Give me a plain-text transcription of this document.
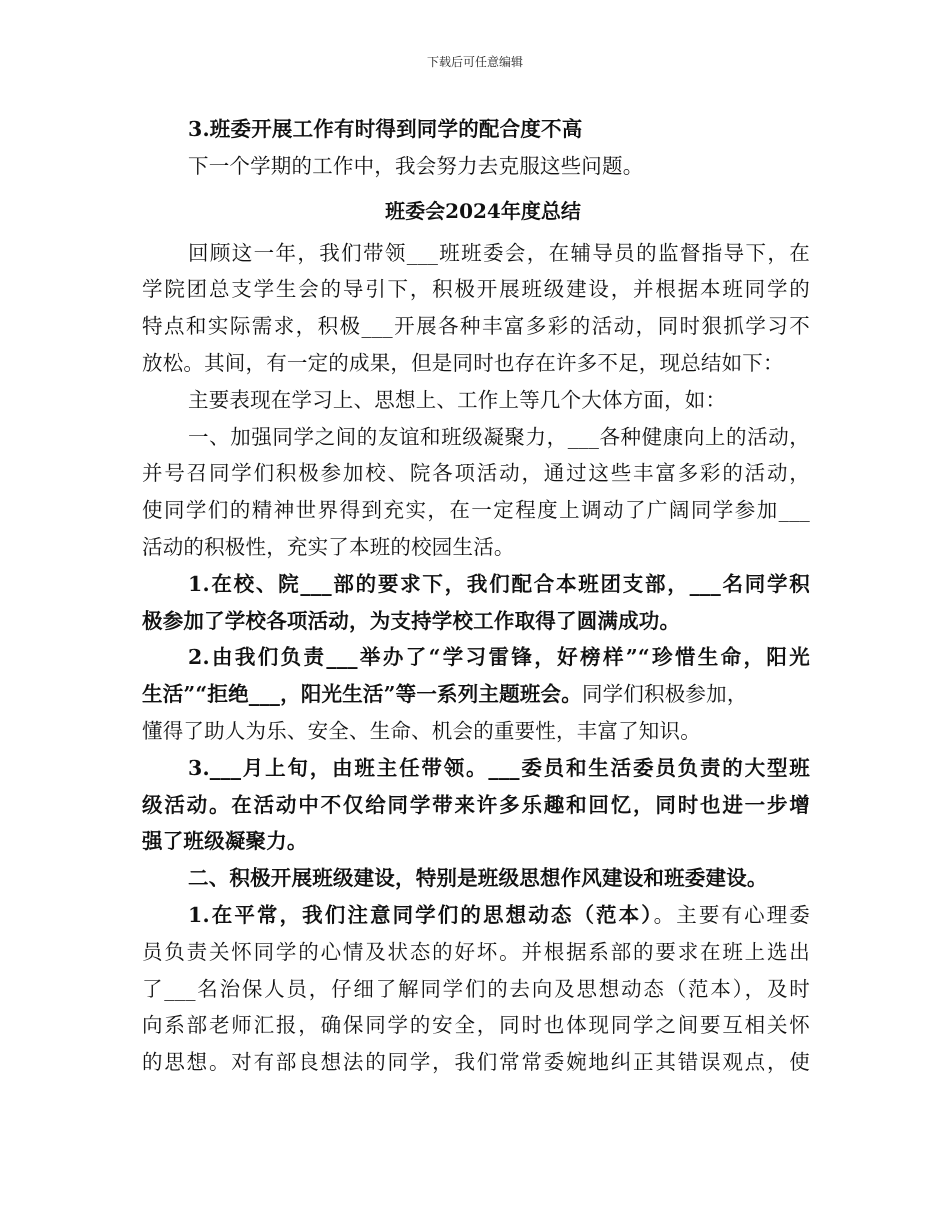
下载后可任意编辑
3.班委开展工作有时得到同学的配合度不高
下一个学期的工作中，我会努力去克服这些问题。
班委会2024年度总结
回顾这一年，我们带领___班班委会，在辅导员的监督指导下，在
学院团总支学生会的导引下，积极开展班级建设，并根据本班同学的
特点和实际需求，积极___开展各种丰富多彩的活动，同时狠抓学习不
放松。其间，有一定的成果，但是同时也存在许多不足，现总结如下：
主要表现在学习上、思想上、工作上等几个大体方面，如：
一、加强同学之间的友谊和班级凝聚力，___各种健康向上的活动，
并号召同学们积极参加校、院各项活动，通过这些丰富多彩的活动，
使同学们的精神世界得到充实，在一定程度上调动了广阔同学参加___
活动的积极性，充实了本班的校园生活。
1.在校、院___部的要求下，我们配合本班团支部，___名同学积
极参加了学校各项活动，为支持学校工作取得了圆满成功。
2.由我们负责___举办了“学习雷锋，好榜样”“珍惜生命，阳光
生活”“拒绝___，阳光生活”等一系列主题班会。同学们积极参加，
懂得了助人为乐、安全、生命、机会的重要性，丰富了知识。
3.___月上旬，由班主任带领。___委员和生活委员负责的大型班
级活动。在活动中不仅给同学带来许多乐趣和回忆，同时也进一步增
强了班级凝聚力。
二、积极开展班级建设，特别是班级思想作风建设和班委建设。
1.在平常，我们注意同学们的思想动态（范本）。主要有心理委
员负责关怀同学的心情及状态的好坏。并根据系部的要求在班上选出
了___名治保人员，仔细了解同学们的去向及思想动态（范本），及时
向系部老师汇报，确保同学的安全，同时也体现同学之间要互相关怀
的思想。对有部良想法的同学，我们常常委婉地纠正其错误观点，使
